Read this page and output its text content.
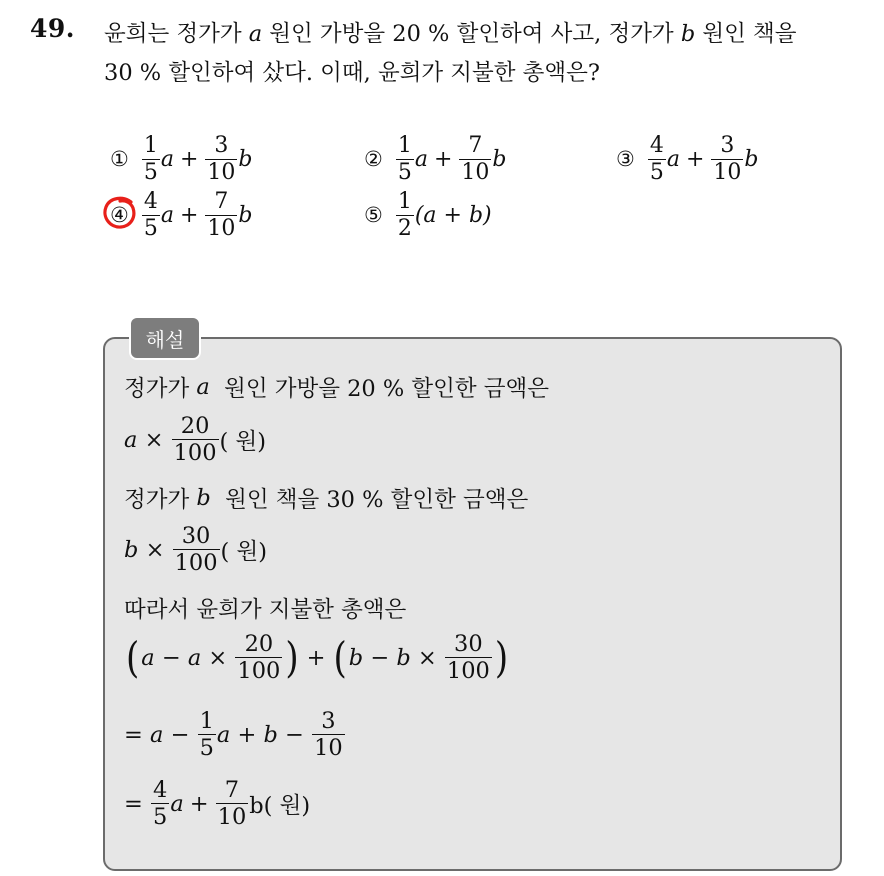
49. 윤희는 정가가 a 원인 가방을 20 % 할인하여 사고, 정가가 b 원인 책을
30 % 할인하여 샀다. 이때, 윤희가 지불한 총액은?
① $\frac{1}{5}$ $a + \frac{3}{10}$ b	② $\frac{1}{5}$ $a + \frac{7}{10}$ b	③ $\frac{4}{5}$ $a + \frac{3}{10}$ b
④ $\frac{4}{5}$ $a + \frac{7}{10}$ b	⑤ $\frac{1}{2} (a + b)$
해설
정가가
a
원인 가방을 20 % 할인한 금액은
a
×
$\frac{20}{100}$ ( 원)
정가가
b
원인 책을 30 % 할인한 금액은
b
×
$\frac{30}{100}$ ( 원)
따라서 윤희가 지불한 총액은
( a − a ×
$\frac{20}{100}$ ) + ( b − b ×
$\frac{30}{100}$ )
= a −
$\frac{1}{5}$ a + b −
$\frac{3}{10}$
=
$\frac{4}{5}$ $a + \frac{7}{10} b$( 원)
